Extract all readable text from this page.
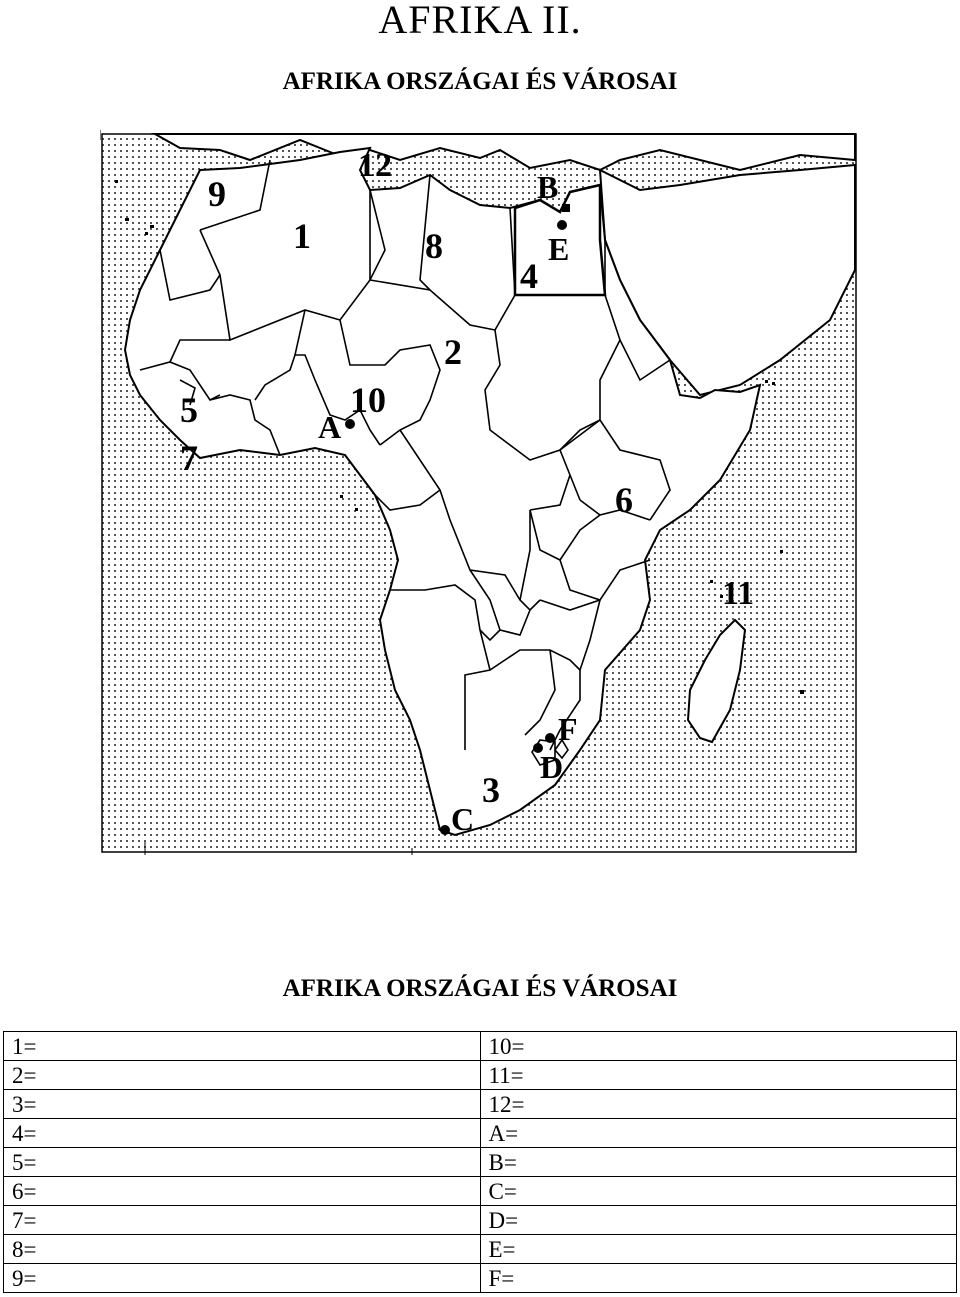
AFRIKA II.
AFRIKA ORSZÁGAI ÉS VÁROSAI
1
2
3
4
5
6
7
8
9
10
11
12
A
B
C
D
E
F
AFRIKA ORSZÁGAI ÉS VÁROSAI
1=	10=
2=	11=
3=	12=
4=	A=
5=	B=
6=	C=
7=	D=
8=	E=
9=	F=
